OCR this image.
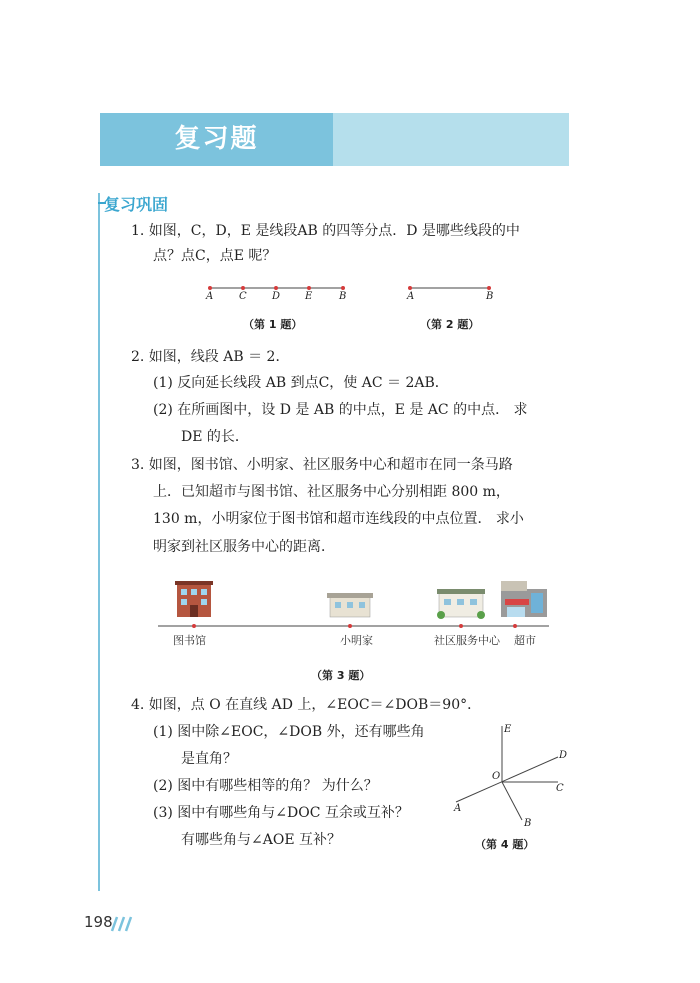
复习题
复习巩固
1. 如图，C，D，E 是线段AB 的四等分点．D 是哪些线段的中
点？点C，点E 呢？
A	C	D E	B
（第 1 题）
A	B
（第 2 题）
2. 如图，线段 AB ＝ 2．
(1) 反向延长线段 AB 到点C，使 AC ＝ 2AB．
(2) 在所画图中，设 D 是 AB 的中点，E 是 AC 的中点． 求
DE 的长．
3. 如图，图书馆、小明家、社区服务中心和超市在同一条马路
上．已知超市与图书馆、社区服务中心分别相距 800 m，
130 m，小明家位于图书馆和超市连线段的中点位置． 求小
明家到社区服务中心的距离．
图书馆	小明家	社区服务中心 超市
（第 3 题）
4. 如图，点 O 在直线 AD 上，∠EOC＝∠DOB＝90°．
(1) 图中除∠EOC，∠DOB 外，还有哪些角
是直角？
(2) 图中有哪些相等的角？ 为什么？
(3) 图中有哪些角与∠DOC 互余或互补？
有哪些角与∠AOE 互补？
E
D
O
C
A
B
（第 4 题）
198
